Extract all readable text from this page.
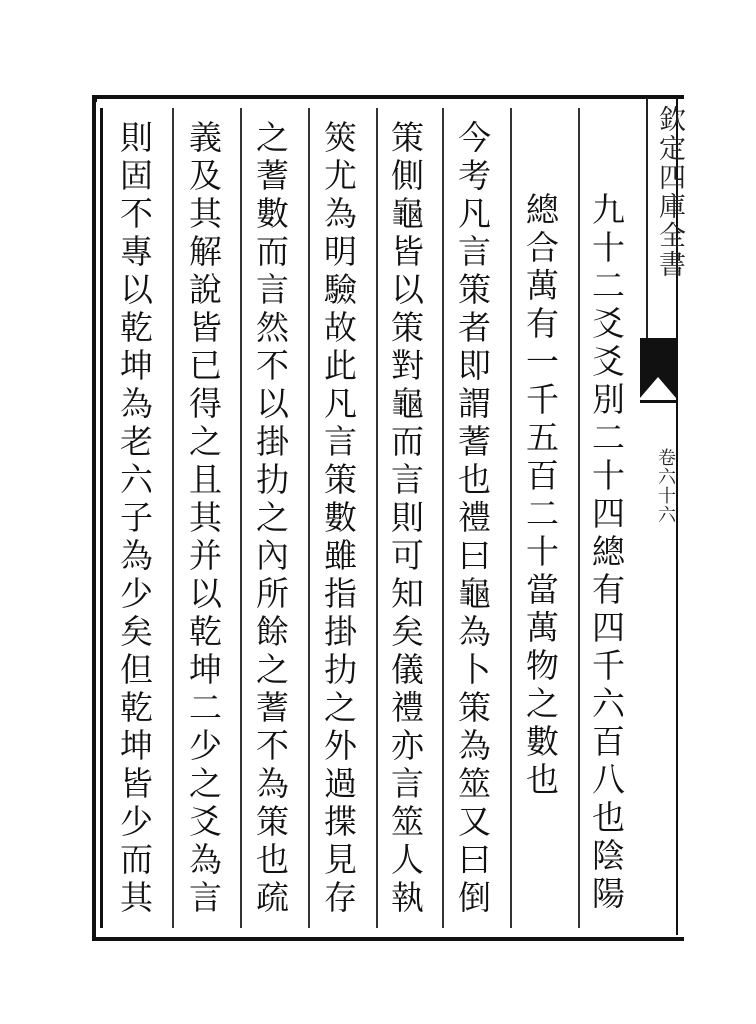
欽定四庫全書
卷六十六
九十二爻爻別二十四總有四千六百八也陰陽
總合萬有一千五百二十當萬物之數也
今考凡言策者即謂蓍也禮曰龜為卜策為筮又曰倒
策側龜皆以策對龜而言則可知矣儀禮亦言筮人執
筴尤為明驗故此凡言策數雖指掛扐之外過揲見存
之蓍數而言然不以掛扐之內所餘之蓍不為策也疏
義及其解說皆已得之且其并以乾坤二少之爻為言
則固不專以乾坤為老六子為少矣但乾坤皆少而其
